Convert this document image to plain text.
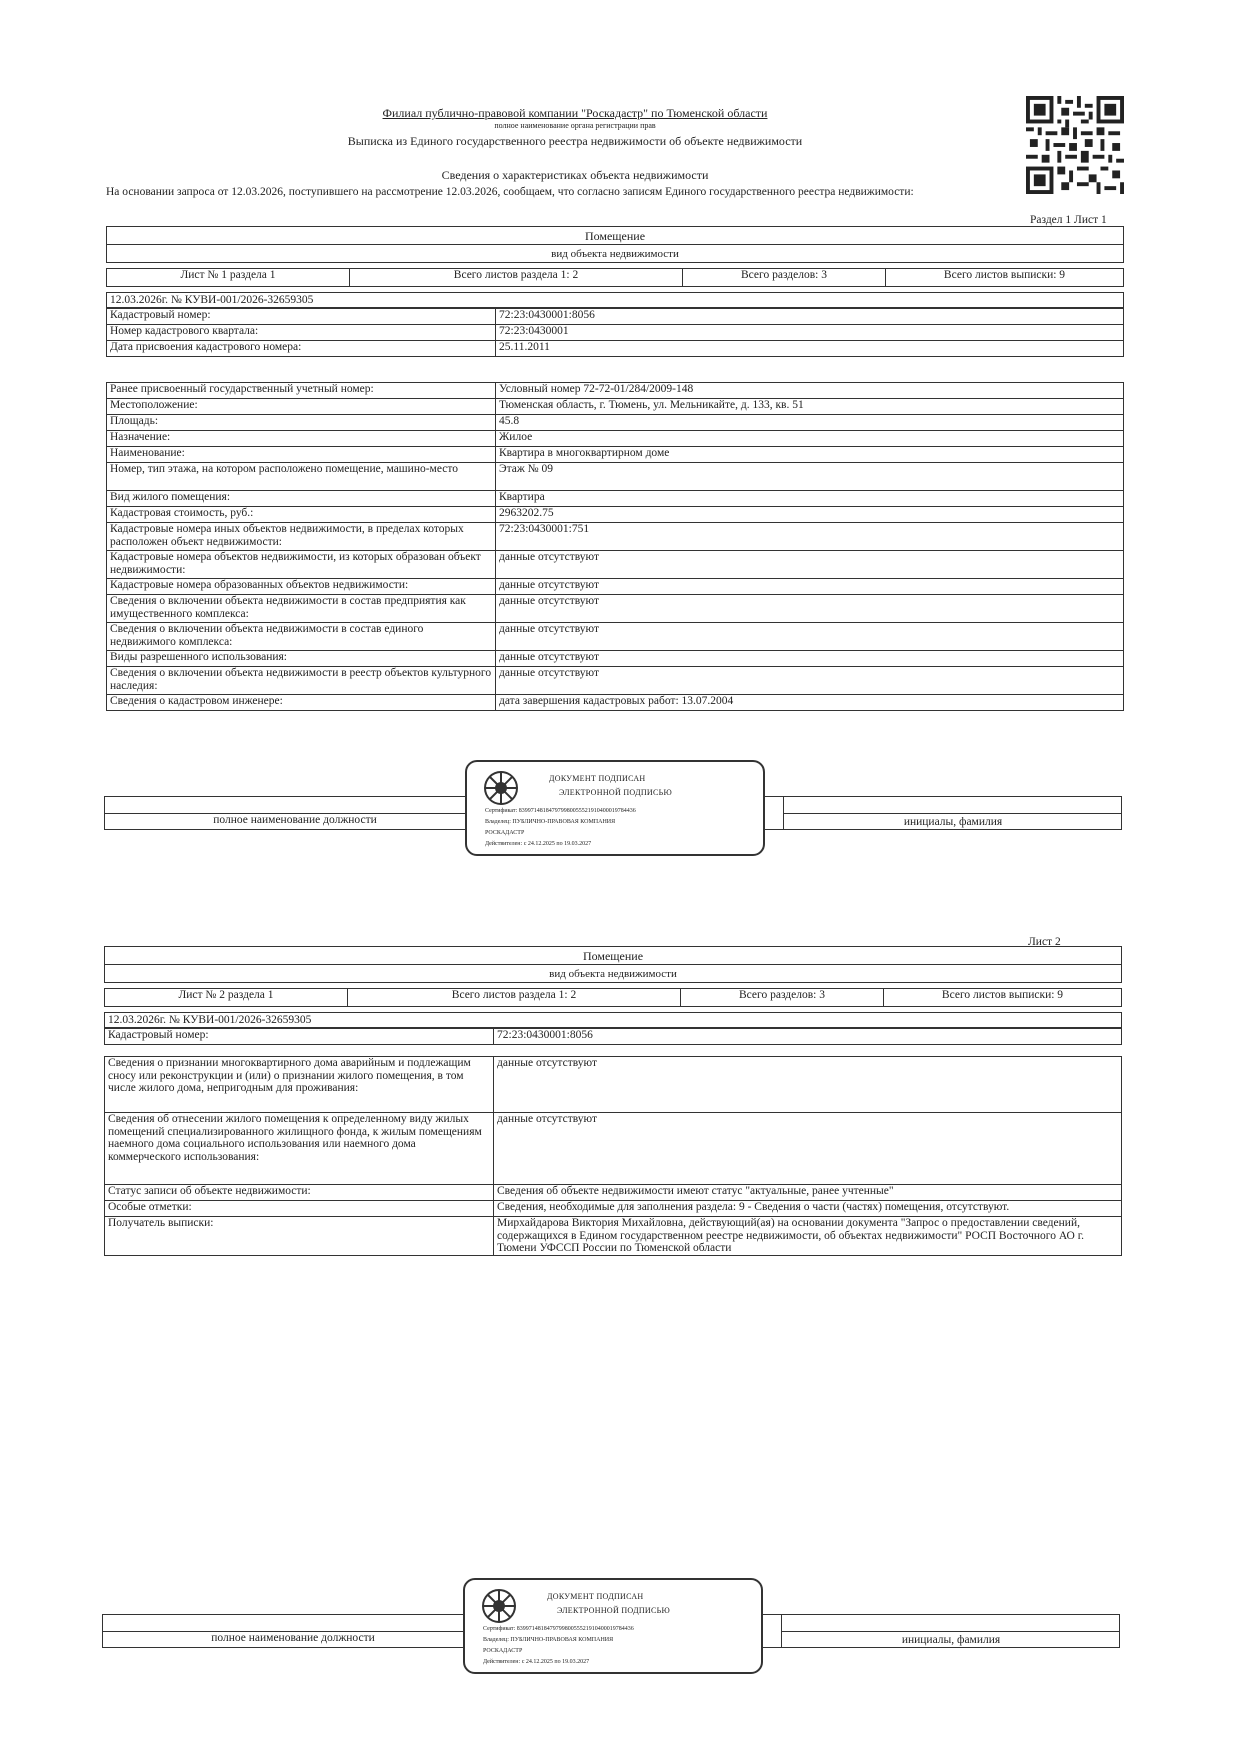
Филиал публично-правовой компании "Роскадастр" по Тюменской области
полное наименование органа регистрации прав
Выписка из Единого государственного реестра недвижимости об объекте недвижимости
Сведения о характеристиках объекта недвижимости
На основании запроса от 12.03.2026, поступившего на рассмотрение 12.03.2026, сообщаем, что согласно записям Единого государственного реестра недвижимости:
Раздел 1 Лист 1
Помещение
вид объекта недвижимости
Лист № 1 раздела 1	Всего листов раздела 1: 2	Всего разделов: 3	Всего листов выписки: 9
12.03.2026г. № КУВИ-001/2026-32659305
Кадастровый номер:	72:23:0430001:8056
Номер кадастрового квартала:	72:23:0430001
Дата присвоения кадастрового номера:	25.11.2011
Ранее присвоенный государственный учетный номер:	Условный номер 72-72-01/284/2009-148
Местоположение:	Тюменская область, г. Тюмень, ул. Мельникайте, д. 133, кв. 51
Площадь:	45.8
Назначение:	Жилое
Наименование:	Квартира в многоквартирном доме
Номер, тип этажа, на котором расположено помещение, машино-место	Этаж № 09
Вид жилого помещения:	Квартира
Кадастровая стоимость, руб.:	2963202.75
Кадастровые номера иных объектов недвижимости, в пределах которых расположен объект недвижимости:	72:23:0430001:751
Кадастровые номера объектов недвижимости, из которых образован объект недвижимости:	данные отсутствуют
Кадастровые номера образованных объектов недвижимости:	данные отсутствуют
Сведения о включении объекта недвижимости в состав предприятия как имущественного комплекса:	данные отсутствуют
Сведения о включении объекта недвижимости в состав единого недвижимого комплекса:	данные отсутствуют
Виды разрешенного использования:	данные отсутствуют
Сведения о включении объекта недвижимости в реестр объектов культурного наследия:	данные отсутствуют
Сведения о кадастровом инженере:	дата завершения кадастровых работ: 13.07.2004
полное наименование должности	инициалы, фамилия
ДОКУМЕНТ ПОДПИСАН
ЭЛЕКТРОННОЙ ПОДПИСЬЮ
Сертификат: 839971481847979980055521910400019784436
Владелец: ПУБЛИЧНО-ПРАВОВАЯ КОМПАНИЯ
РОСКАДАСТР
Действителен: с 24.12.2025 по 19.03.2027
Лист 2
Помещение
вид объекта недвижимости
Лист № 2 раздела 1	Всего листов раздела 1: 2	Всего разделов: 3	Всего листов выписки: 9
12.03.2026г. № КУВИ-001/2026-32659305
Кадастровый номер:	72:23:0430001:8056
Сведения о признании многоквартирного дома аварийным и подлежащим сносу или реконструкции и (или) о признании жилого помещения, в том числе жилого дома, непригодным для проживания:	данные отсутствуют
Сведения об отнесении жилого помещения к определенному виду жилых помещений специализированного жилищного фонда, к жилым помещениям наемного дома социального использования или наемного дома коммерческого использования:	данные отсутствуют
Статус записи об объекте недвижимости:	Сведения об объекте недвижимости имеют статус "актуальные, ранее учтенные"
Особые отметки:	Сведения, необходимые для заполнения раздела: 9 - Сведения о части (частях) помещения, отсутствуют.
Получатель выписки:	Мирхайдарова Виктория Михайловна, действующий(ая) на основании документа "Запрос о предоставлении сведений, содержащихся в Едином государственном реестре недвижимости, об объектах недвижимости" РОСП Восточного АО г. Тюмени УФССП России по Тюменской области
полное наименование должности	инициалы, фамилия
ДОКУМЕНТ ПОДПИСАН
ЭЛЕКТРОННОЙ ПОДПИСЬЮ
Сертификат: 839971481847979980055521910400019784436
Владелец: ПУБЛИЧНО-ПРАВОВАЯ КОМПАНИЯ
РОСКАДАСТР
Действителен: с 24.12.2025 по 19.03.2027
